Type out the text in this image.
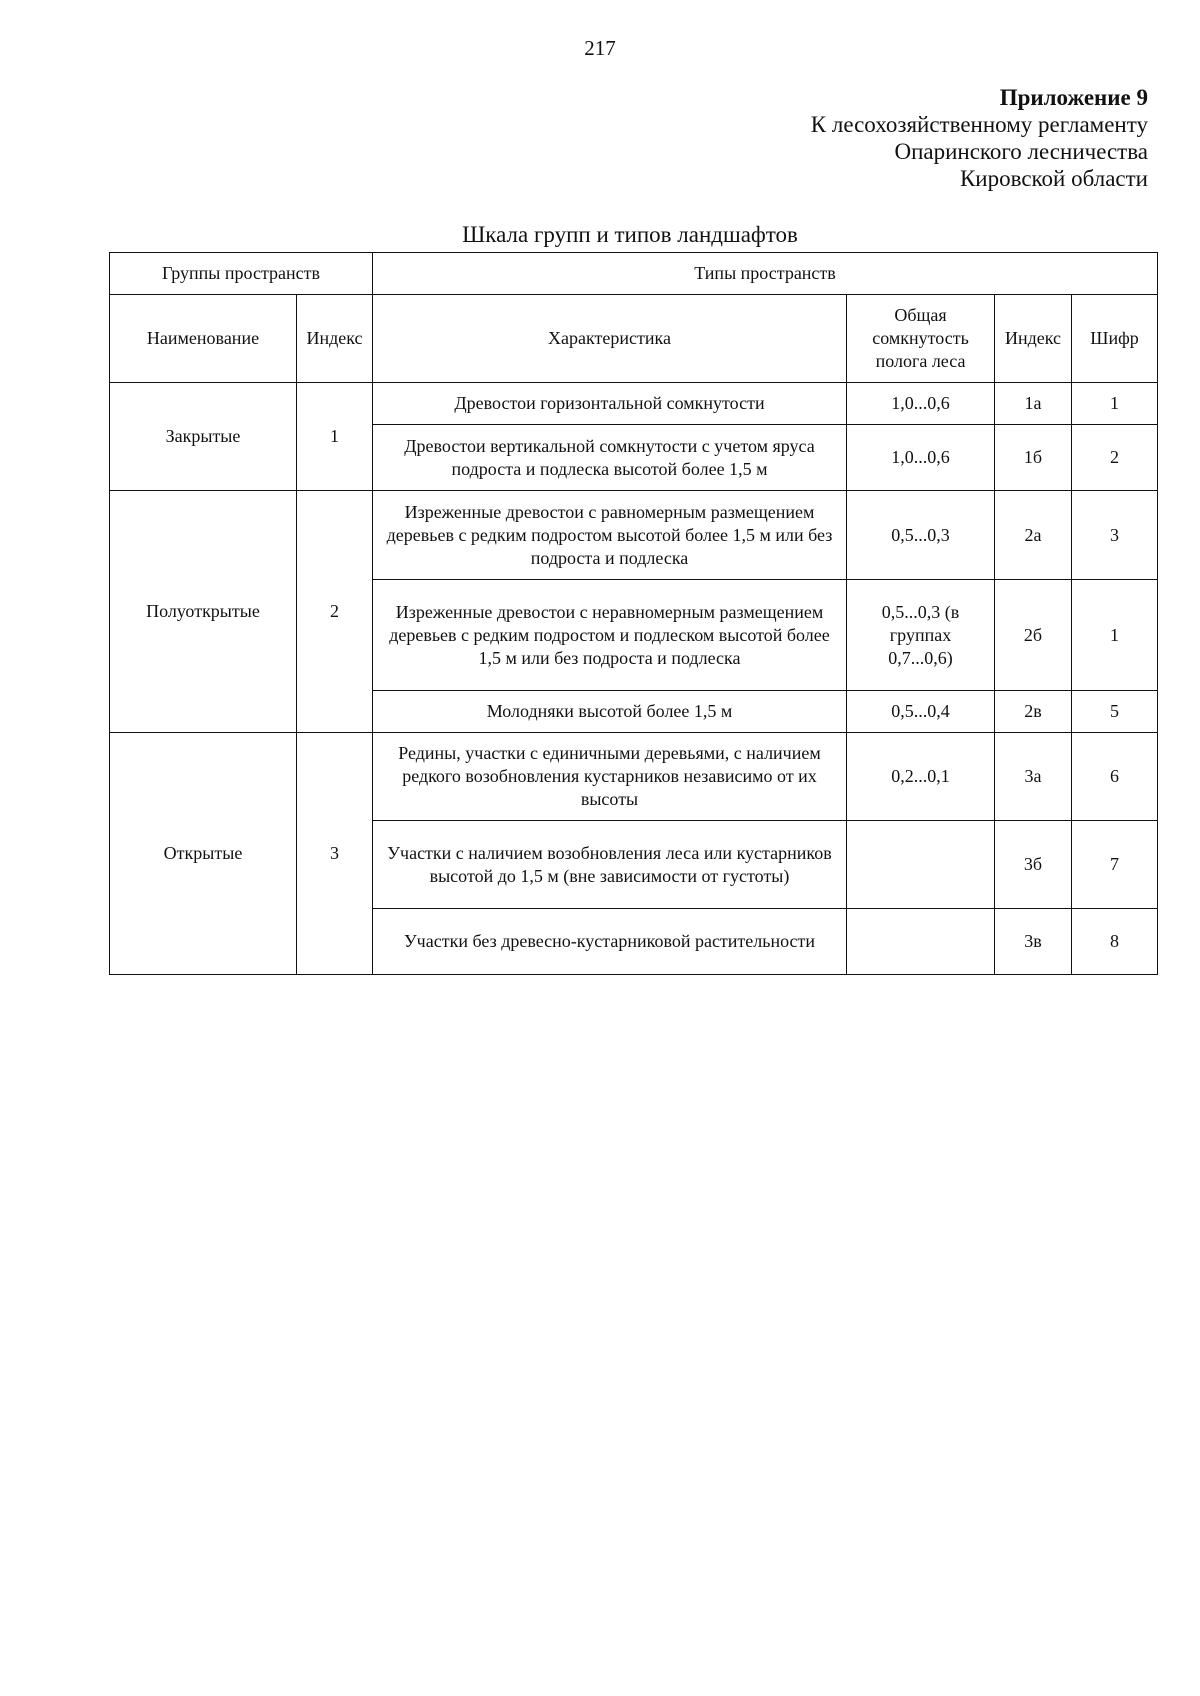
217
Приложение 9
К лесохозяйственному регламенту
Опаринского лесничества
Кировской области
Шкала групп и типов ландшафтов
Группы пространств		Типы пространств			
Наименование	Индекс	Характеристика	Общая сомкнутость полога леса	Индекс	Шифр
Закрытые	1	Древостои горизонтальной сомкнутости	1,0...0,6	1а	1
		Древостои вертикальной сомкнутости с учетом яруса подроста и подлеска высотой более 1,5 м	1,0...0,6	1б	2
Полуоткрытые	2	Изреженные древостои с равномерным размещением деревьев с редким подростом высотой более 1,5 м или без подроста и подлеска	0,5...0,3	2а	3
		Изреженные древостои с неравномерным размещением деревьев с редким подростом и подлеском высотой более 1,5 м или без подроста и подлеска	0,5...0,3 (в группах 0,7...0,6)	2б	1
		Молодняки высотой более 1,5 м	0,5...0,4	2в	5
Открытые	3	Редины, участки с единичными деревьями, с наличием редкого возобновления кустарников независимо от их высоты	0,2...0,1	3а	6
		Участки с наличием возобновления леса или кустарников высотой до 1,5 м (вне зависимости от густоты)		3б	7
		Участки без древесно-кустарниковой растительности		3в	8
